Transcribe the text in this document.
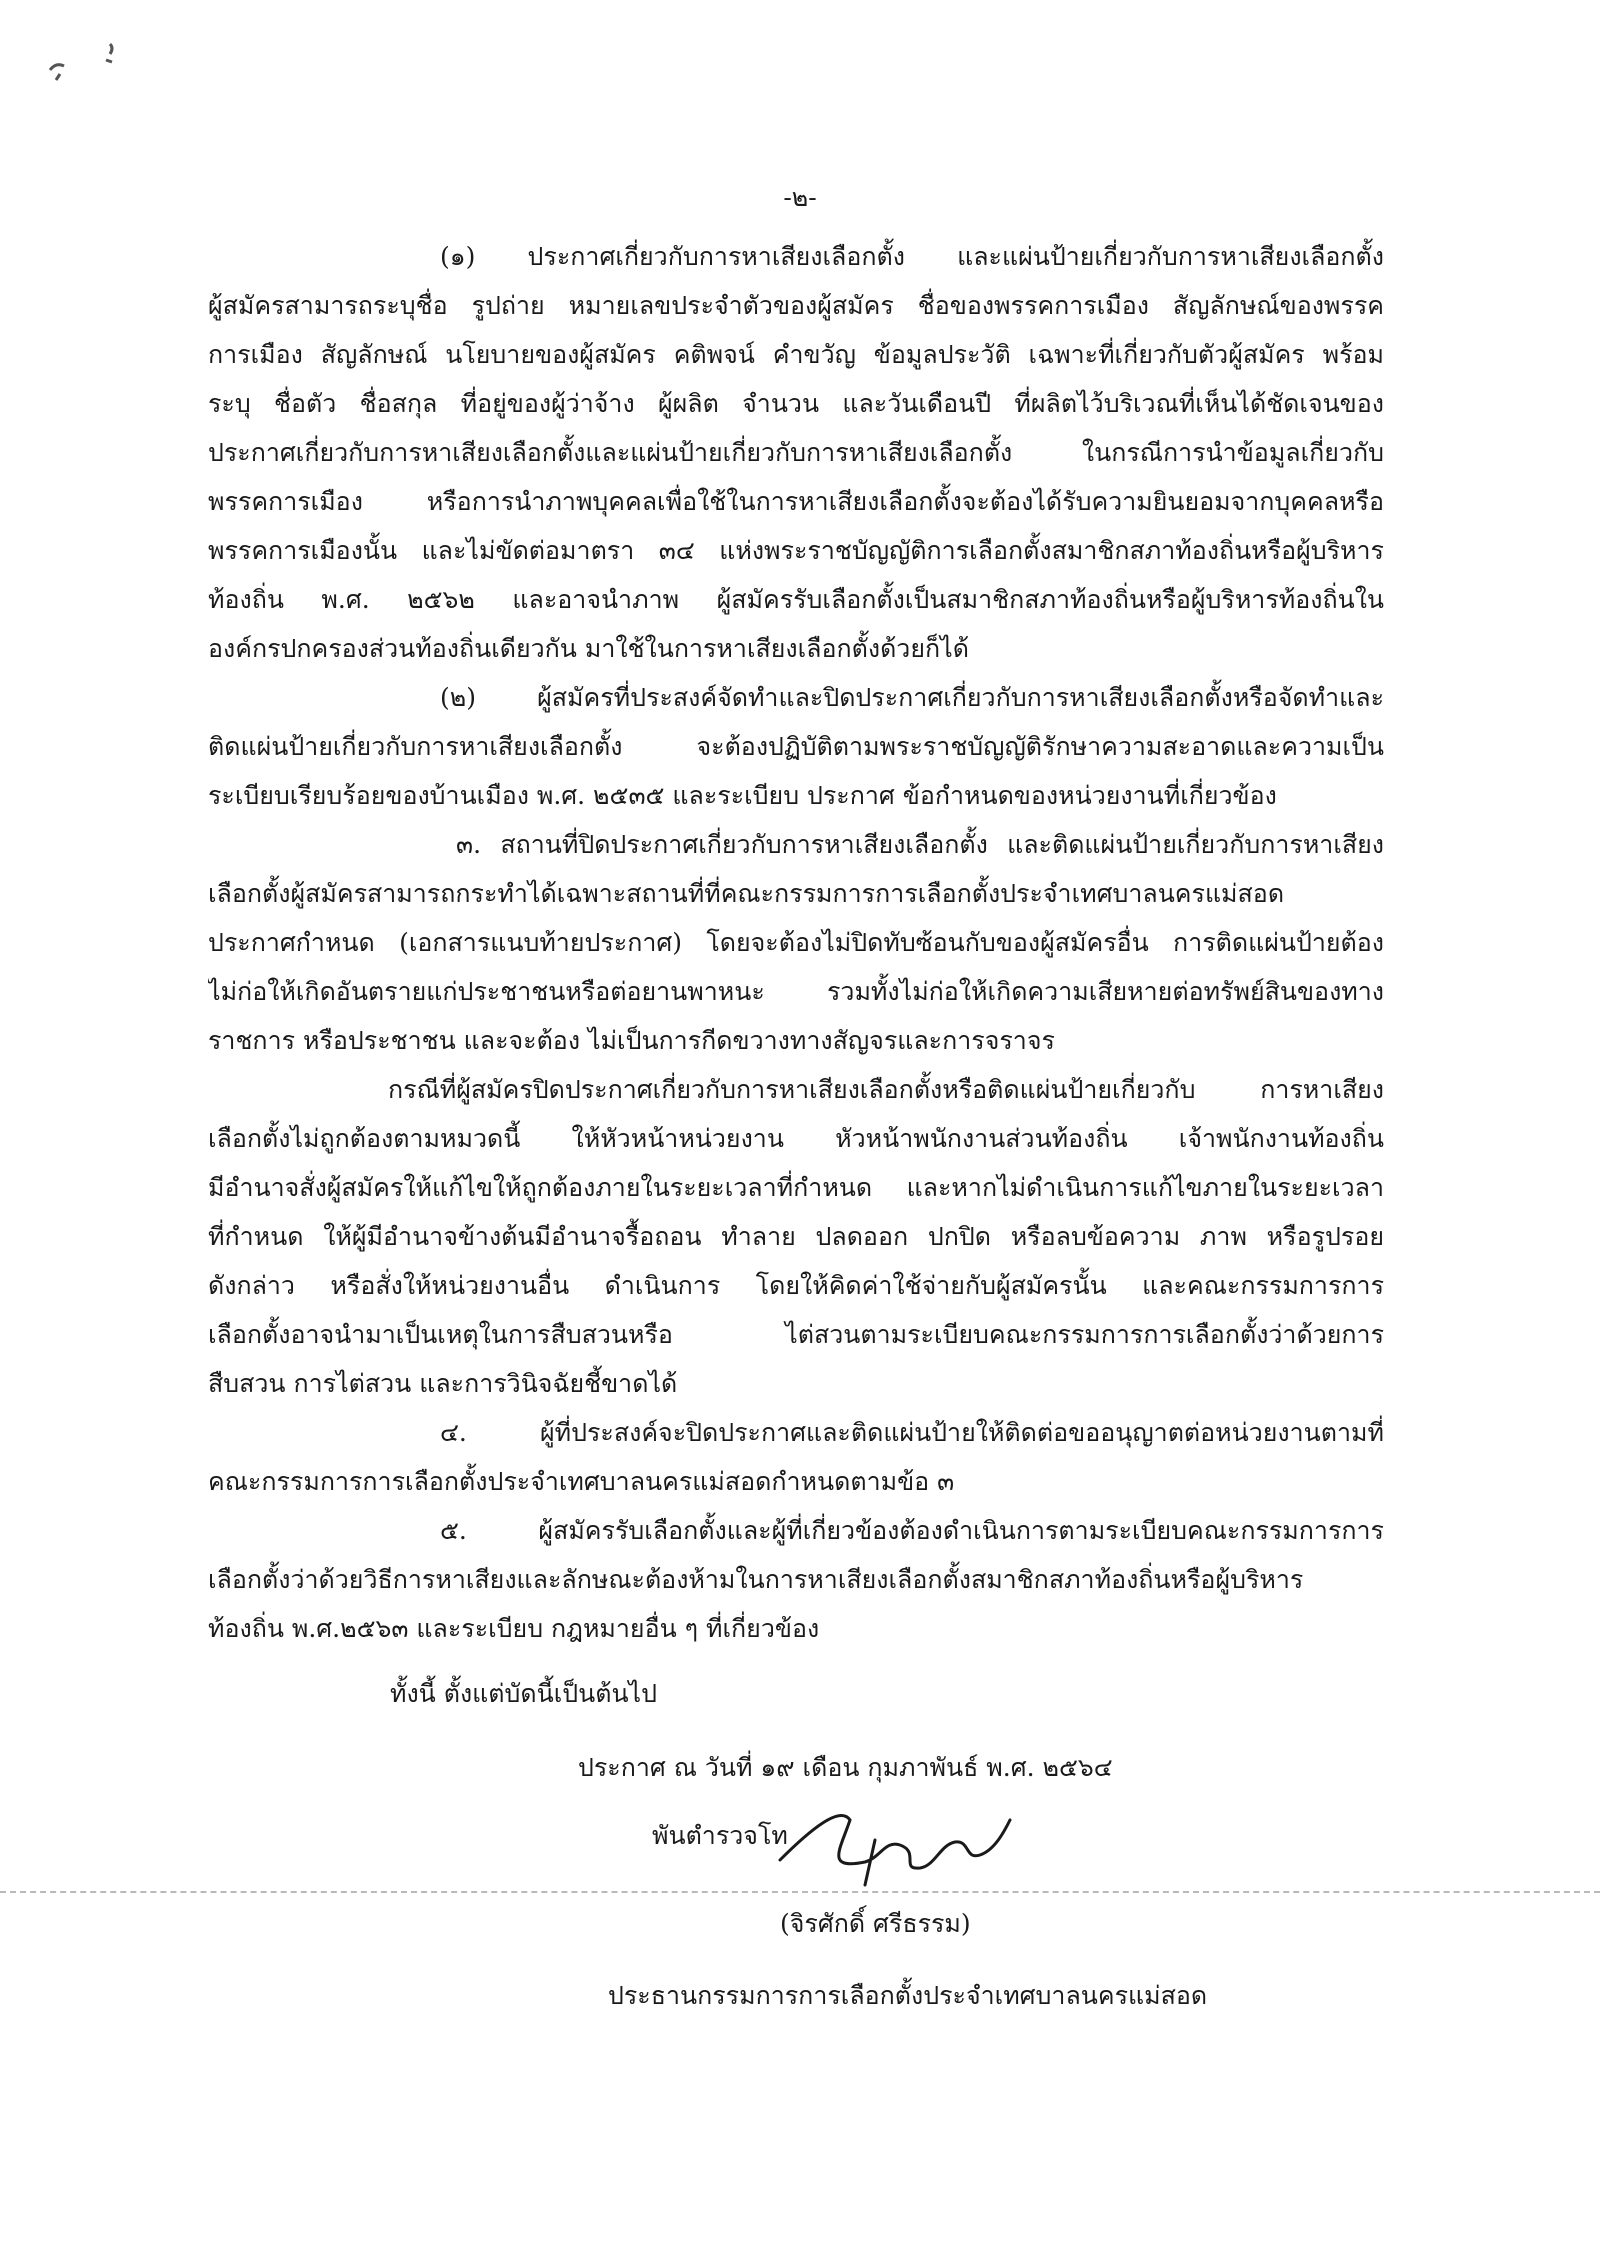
-๒-
(๑) ประกาศเกี่ยวกับการหาเสียงเลือกตั้ง และแผ่นป้ายเกี่ยวกับการหาเสียงเลือกตั้ง
ผู้สมัครสามารถระบุชื่อ รูปถ่าย หมายเลขประจำตัวของผู้สมัคร ชื่อของพรรคการเมือง สัญลักษณ์ของพรรค
การเมือง สัญลักษณ์ นโยบายของผู้สมัคร คติพจน์ คำขวัญ ข้อมูลประวัติ เฉพาะที่เกี่ยวกับตัวผู้สมัคร พร้อม
ระบุ ชื่อตัว ชื่อสกุล ที่อยู่ของผู้ว่าจ้าง ผู้ผลิต จำนวน และวันเดือนปี ที่ผลิตไว้บริเวณที่เห็นได้ชัดเจนของ
ประกาศเกี่ยวกับการหาเสียงเลือกตั้งและแผ่นป้ายเกี่ยวกับการหาเสียงเลือกตั้ง ในกรณีการนำข้อมูลเกี่ยวกับ
พรรคการเมือง หรือการนำภาพบุคคลเพื่อใช้ในการหาเสียงเลือกตั้งจะต้องได้รับความยินยอมจากบุคคลหรือ
พรรคการเมืองนั้น และไม่ขัดต่อมาตรา ๓๔ แห่งพระราชบัญญัติการเลือกตั้งสมาชิกสภาท้องถิ่นหรือผู้บริหาร
ท้องถิ่น พ.ศ. ๒๕๖๒ และอาจนำภาพ ผู้สมัครรับเลือกตั้งเป็นสมาชิกสภาท้องถิ่นหรือผู้บริหารท้องถิ่นใน
องค์กรปกครองส่วนท้องถิ่นเดียวกัน มาใช้ในการหาเสียงเลือกตั้งด้วยก็ได้
(๒) ผู้สมัครที่ประสงค์จัดทำและปิดประกาศเกี่ยวกับการหาเสียงเลือกตั้งหรือจัดทำและ
ติดแผ่นป้ายเกี่ยวกับการหาเสียงเลือกตั้ง จะต้องปฏิบัติตามพระราชบัญญัติรักษาความสะอาดและความเป็น
ระเบียบเรียบร้อยของบ้านเมือง พ.ศ. ๒๕๓๕ และระเบียบ ประกาศ ข้อกำหนดของหน่วยงานที่เกี่ยวข้อง
๓. สถานที่ปิดประกาศเกี่ยวกับการหาเสียงเลือกตั้ง และติดแผ่นป้ายเกี่ยวกับการหาเสียง
เลือกตั้งผู้สมัครสามารถกระทำได้เฉพาะสถานที่ที่คณะกรรมการการเลือกตั้งประจำเทศบาลนครแม่สอด
ประกาศกำหนด (เอกสารแนบท้ายประกาศ) โดยจะต้องไม่ปิดทับซ้อนกับของผู้สมัครอื่น การติดแผ่นป้ายต้อง
ไม่ก่อให้เกิดอันตรายแก่ประชาชนหรือต่อยานพาหนะ รวมทั้งไม่ก่อให้เกิดความเสียหายต่อทรัพย์สินของทาง
ราชการ หรือประชาชน และจะต้อง ไม่เป็นการกีดขวางทางสัญจรและการจราจร
กรณีที่ผู้สมัครปิดประกาศเกี่ยวกับการหาเสียงเลือกตั้งหรือติดแผ่นป้ายเกี่ยวกับ การหาเสียง
เลือกตั้งไม่ถูกต้องตามหมวดนี้ ให้หัวหน้าหน่วยงาน หัวหน้าพนักงานส่วนท้องถิ่น เจ้าพนักงานท้องถิ่น
มีอำนาจสั่งผู้สมัครให้แก้ไขให้ถูกต้องภายในระยะเวลาที่กำหนด และหากไม่ดำเนินการแก้ไขภายในระยะเวลา
ที่กำหนด ให้ผู้มีอำนาจข้างต้นมีอำนาจรื้อถอน ทำลาย ปลดออก ปกปิด หรือลบข้อความ ภาพ หรือรูปรอย
ดังกล่าว หรือสั่งให้หน่วยงานอื่น ดำเนินการ โดยให้คิดค่าใช้จ่ายกับผู้สมัครนั้น และคณะกรรมการการ
เลือกตั้งอาจนำมาเป็นเหตุในการสืบสวนหรือ ไต่สวนตามระเบียบคณะกรรมการการเลือกตั้งว่าด้วยการ
สืบสวน การไต่สวน และการวินิจฉัยชี้ขาดได้
๔. ผู้ที่ประสงค์จะปิดประกาศและติดแผ่นป้ายให้ติดต่อขออนุญาตต่อหน่วยงานตามที่
คณะกรรมการการเลือกตั้งประจำเทศบาลนครแม่สอดกำหนดตามข้อ ๓
๕. ผู้สมัครรับเลือกตั้งและผู้ที่เกี่ยวข้องต้องดำเนินการตามระเบียบคณะกรรมการการ
เลือกตั้งว่าด้วยวิธีการหาเสียงและลักษณะต้องห้ามในการหาเสียงเลือกตั้งสมาชิกสภาท้องถิ่นหรือผู้บริหาร
ท้องถิ่น พ.ศ.๒๕๖๓ และระเบียบ กฎหมายอื่น ๆ ที่เกี่ยวข้อง
ทั้งนี้ ตั้งแต่บัดนี้เป็นต้นไป
ประกาศ ณ วันที่ ๑๙ เดือน กุมภาพันธ์ พ.ศ. ๒๕๖๔
พันตำรวจโท
(จิรศักดิ์ ศรีธรรม)
ประธานกรรมการการเลือกตั้งประจำเทศบาลนครแม่สอด
